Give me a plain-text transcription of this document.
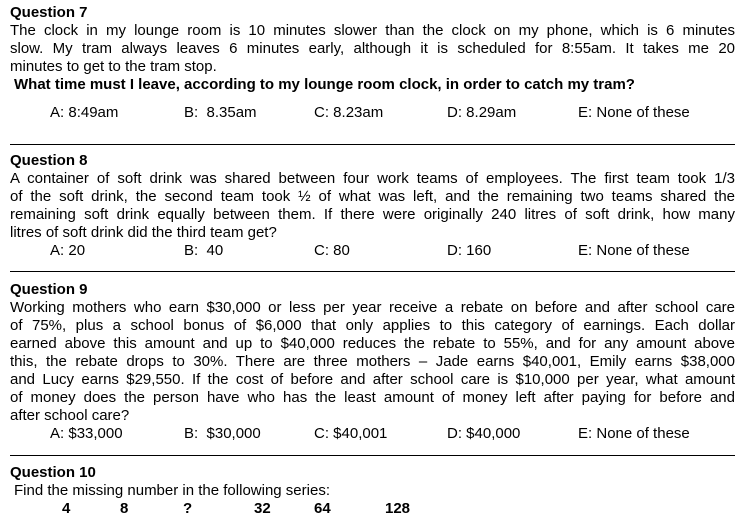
Question 7
The clock in my lounge room is 10 minutes slower than the clock on my phone, which is 6 minutes
slow. My tram always leaves 6 minutes early, although it is scheduled for 8:55am. It takes me 20
minutes to get to the tram stop.
What time must I leave, according to my lounge room clock, in order to catch my tram?
A: 8:49am	B:  8.35am	C: 8.23am	D: 8.29am	E: None of these
Question 8
A container of soft drink was shared between four work teams of employees. The first team took 1/3
of the soft drink, the second team took ½ of what was left, and the remaining two teams shared the
remaining soft drink equally between them. If there were originally 240 litres of soft drink, how many
litres of soft drink did the third team get?
A: 20	B:  40	C: 80	D: 160	E: None of these
Question 9
Working mothers who earn $30,000 or less per year receive a rebate on before and after school care
of 75%, plus a school bonus of $6,000 that only applies to this category of earnings. Each dollar
earned above this amount and up to $40,000 reduces the rebate to 55%, and for any amount above
this, the rebate drops to 30%. There are three mothers – Jade earns $40,001, Emily earns $38,000
and Lucy earns $29,550. If the cost of before and after school care is $10,000 per year, what amount
of money does the person have who has the least amount of money left after paying for before and
after school care?
A: $33,000	B:  $30,000	C: $40,001	D: $40,000	E: None of these
Question 10
Find the missing number in the following series:
4	8	?	32	64	128
